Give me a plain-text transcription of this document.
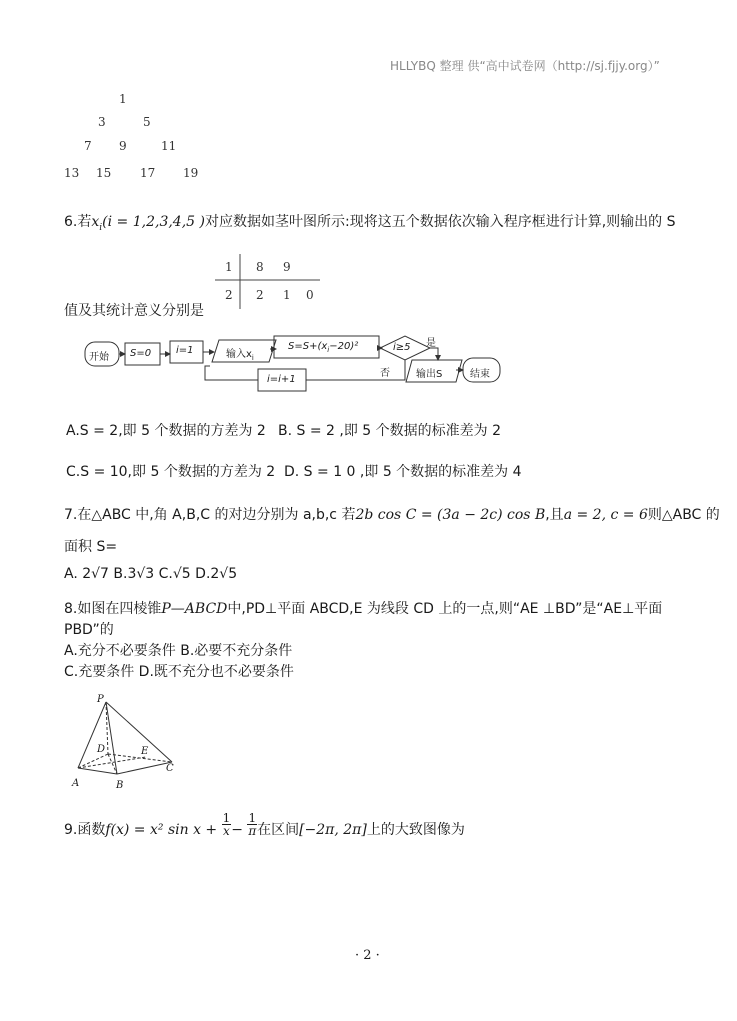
HLLYBQ 整理 供“高中试卷网（http://sj.fjjy.org）”
1
3	5
7 9	11
13 15 17 19
6.若$x_i(i = 1,2,3,4,5$ )对应数据如茎叶图所示:现将这五个数据依次输入程序框进行计算,则输出的 S
1 8 9
2 2 1 0
值及其统计意义分别是
开始 S=0 i=1	输入$x_i$
$S=S+(x_i-20)^2$	i≥5 是
否	输出S	结束
i=i+1
A.S = 2,即 5 个数据的方差为 2 B. S = 2 ,即 5 个数据的标准差为 2
C.S = 10,即 5 个数据的方差为 2 D. S = 1 0 ,即 5 个数据的标准差为 4
7.在△ABC 中,角 A,B,C 的对边分别为 a,b,c 若2b cos C = (3a − 2c) cos B,且a = 2, c = 6则△ABC 的
面积 S=
A. 2√7 B.3√3 C.√5 D.2√5
8.如图在四棱锥P—ABCD中,PD⊥平面 ABCD,E 为线段 CD 上的一点,则“AE ⊥BD”是“AE⊥平面
PBD”的
A.充分不必要条件 B.必要不充分条件
C.充要条件 D.既不充分也不必要条件
P
D	E
A	B
C
9.函数f(x) = x² $\sin x + \frac{1}{x} - \frac{1}{\pi}$ 在区间[−2π, 2π]上的大致图像为
· 2 ·
